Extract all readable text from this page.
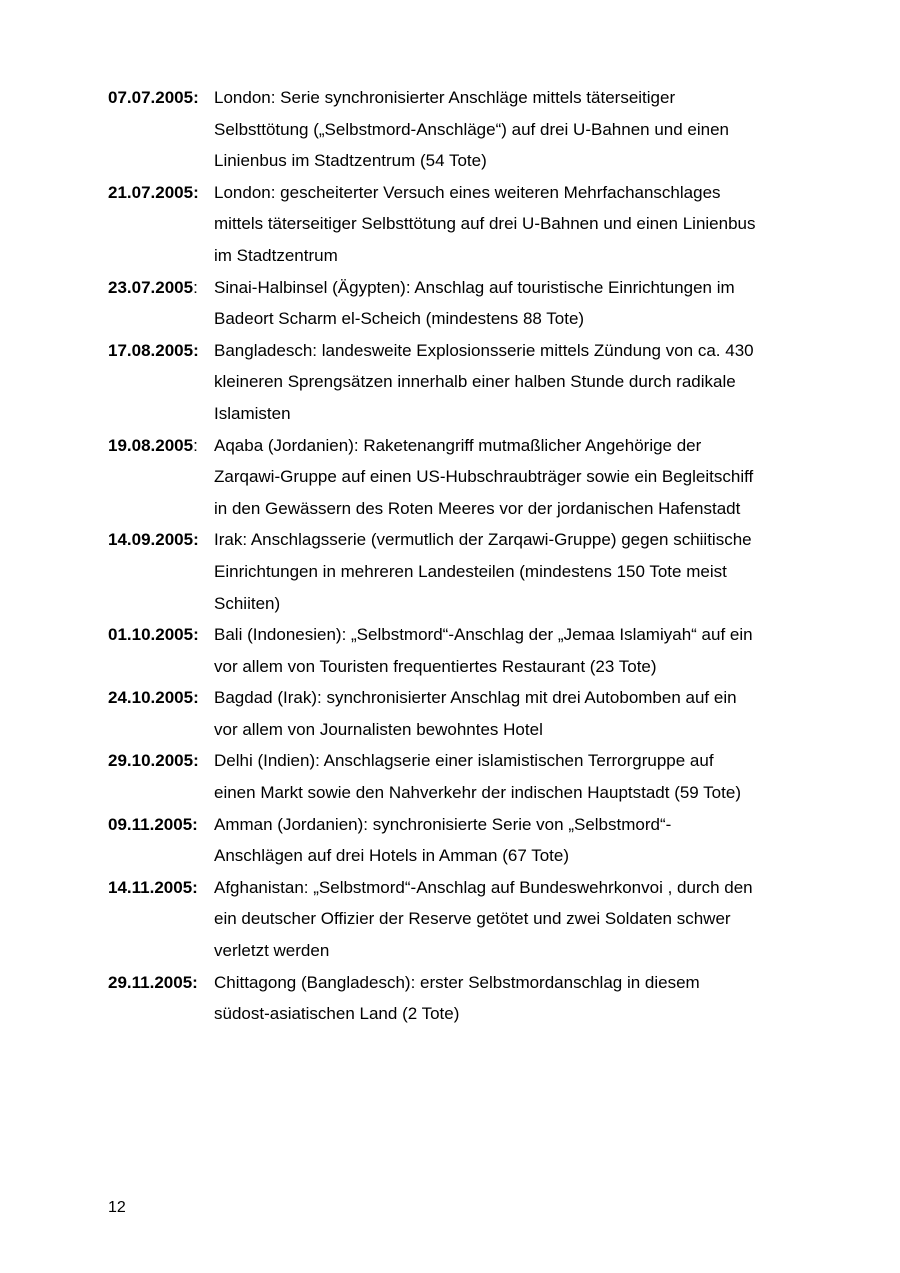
07.07.2005: London: Serie synchronisierter Anschläge mittels täterseitiger
Selbsttötung („Selbstmord-Anschläge“) auf drei U-Bahnen und einen
Linienbus im Stadtzentrum (54 Tote)
21.07.2005: London: gescheiterter Versuch eines weiteren Mehrfachanschlages
mittels täterseitiger Selbsttötung auf drei U-Bahnen und einen Linienbus
im Stadtzentrum
23.07.2005: Sinai-Halbinsel (Ägypten): Anschlag auf touristische Einrichtungen im
Badeort Scharm el-Scheich (mindestens 88 Tote)
17.08.2005: Bangladesch: landesweite Explosionsserie mittels Zündung von ca. 430
kleineren Sprengsätzen innerhalb einer halben Stunde durch radikale
Islamisten
19.08.2005: Aqaba (Jordanien): Raketenangriff mutmaßlicher Angehörige der
Zarqawi-Gruppe auf einen US-Hubschraubträger sowie ein Begleitschiff
in den Gewässern des Roten Meeres vor der jordanischen Hafenstadt
14.09.2005: Irak: Anschlagsserie (vermutlich der Zarqawi-Gruppe) gegen schiitische
Einrichtungen in mehreren Landesteilen (mindestens 150 Tote meist
Schiiten)
01.10.2005: Bali (Indonesien): „Selbstmord“-Anschlag der „Jemaa Islamiyah“ auf ein
vor allem von Touristen frequentiertes Restaurant (23 Tote)
24.10.2005: Bagdad (Irak): synchronisierter Anschlag mit drei Autobomben auf ein
vor allem von Journalisten bewohntes Hotel
29.10.2005: Delhi (Indien): Anschlagserie einer islamistischen Terrorgruppe auf
einen Markt sowie den Nahverkehr der indischen Hauptstadt (59 Tote)
09.11.2005: Amman (Jordanien): synchronisierte Serie von „Selbstmord“-
Anschlägen auf drei Hotels in Amman (67 Tote)
14.11.2005: Afghanistan: „Selbstmord“-Anschlag auf Bundeswehrkonvoi , durch den
ein deutscher Offizier der Reserve getötet und zwei Soldaten schwer
verletzt werden
29.11.2005: Chittagong (Bangladesch): erster Selbstmordanschlag in diesem
südost-asiatischen Land (2 Tote)
12
